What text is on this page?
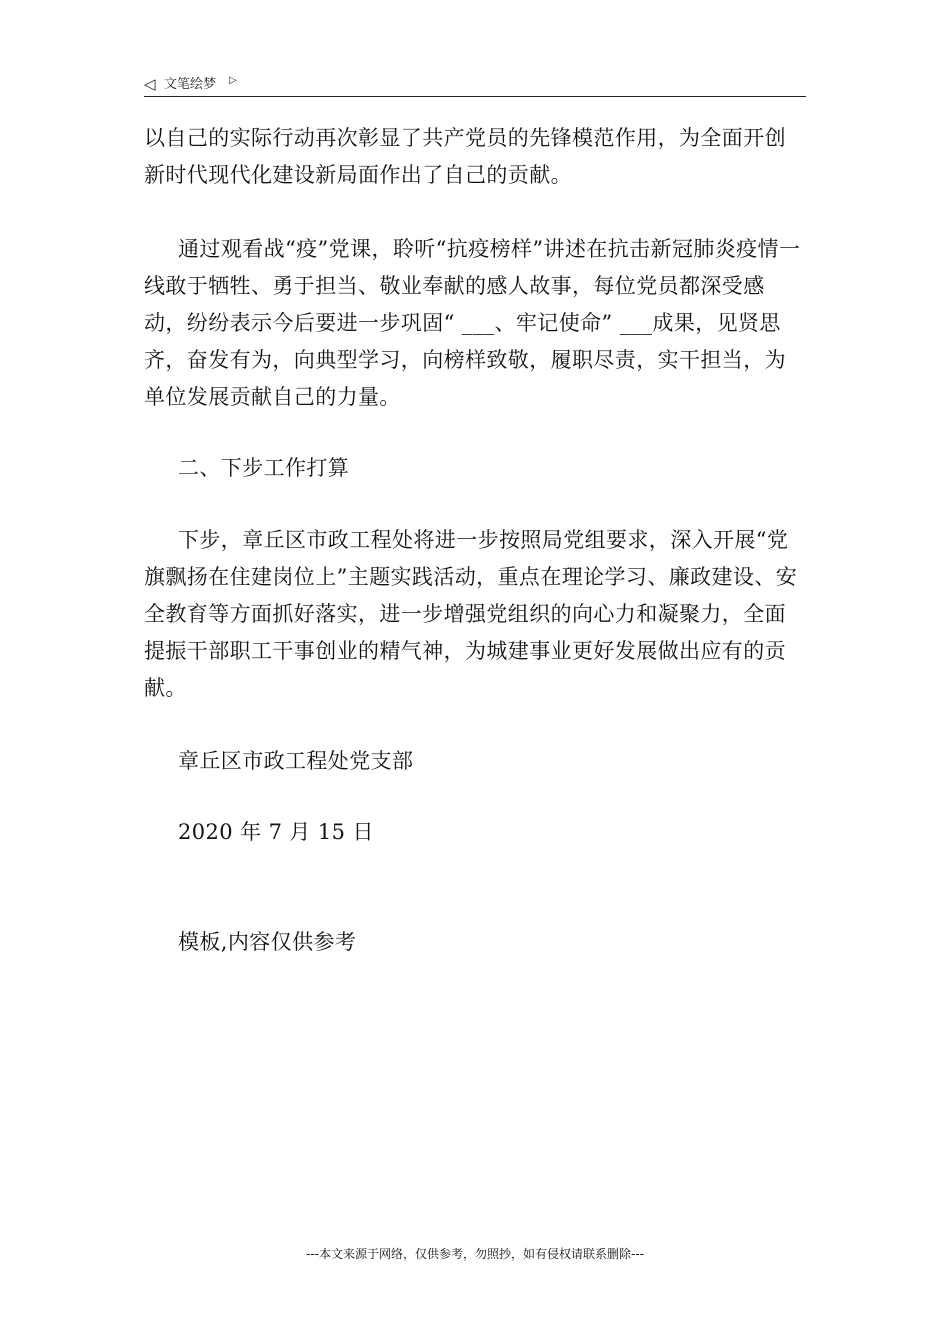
◁ 文笔绘梦 ▷

以自己的实际行动再次彰显了共产党员的先锋模范作用，为全面开创新时代现代化建设新局面作出了自己的贡献。

通过观看战“疫”党课，聆听“抗疫榜样”讲述在抗击新冠肺炎疫情一线敢于牺牲、勇于担当、敬业奉献的感人故事，每位党员都深受感动，纷纷表示今后要进一步巩固“ ___、牢记使命” ___成果，见贤思齐，奋发有为，向典型学习，向榜样致敬，履职尽责，实干担当，为单位发展贡献自己的力量。

二、下步工作打算

下步，章丘区市政工程处将进一步按照局党组要求，深入开展“党旗飘扬在住建岗位上”主题实践活动，重点在理论学习、廉政建设、安全教育等方面抓好落实，进一步增强党组织的向心力和凝聚力，全面提振干部职工干事创业的精气神，为城建事业更好发展做出应有的贡献。

章丘区市政工程处党支部

2020 年 7 月 15 日

模板,内容仅供参考

---本文来源于网络，仅供参考，勿照抄，如有侵权请联系删除---
